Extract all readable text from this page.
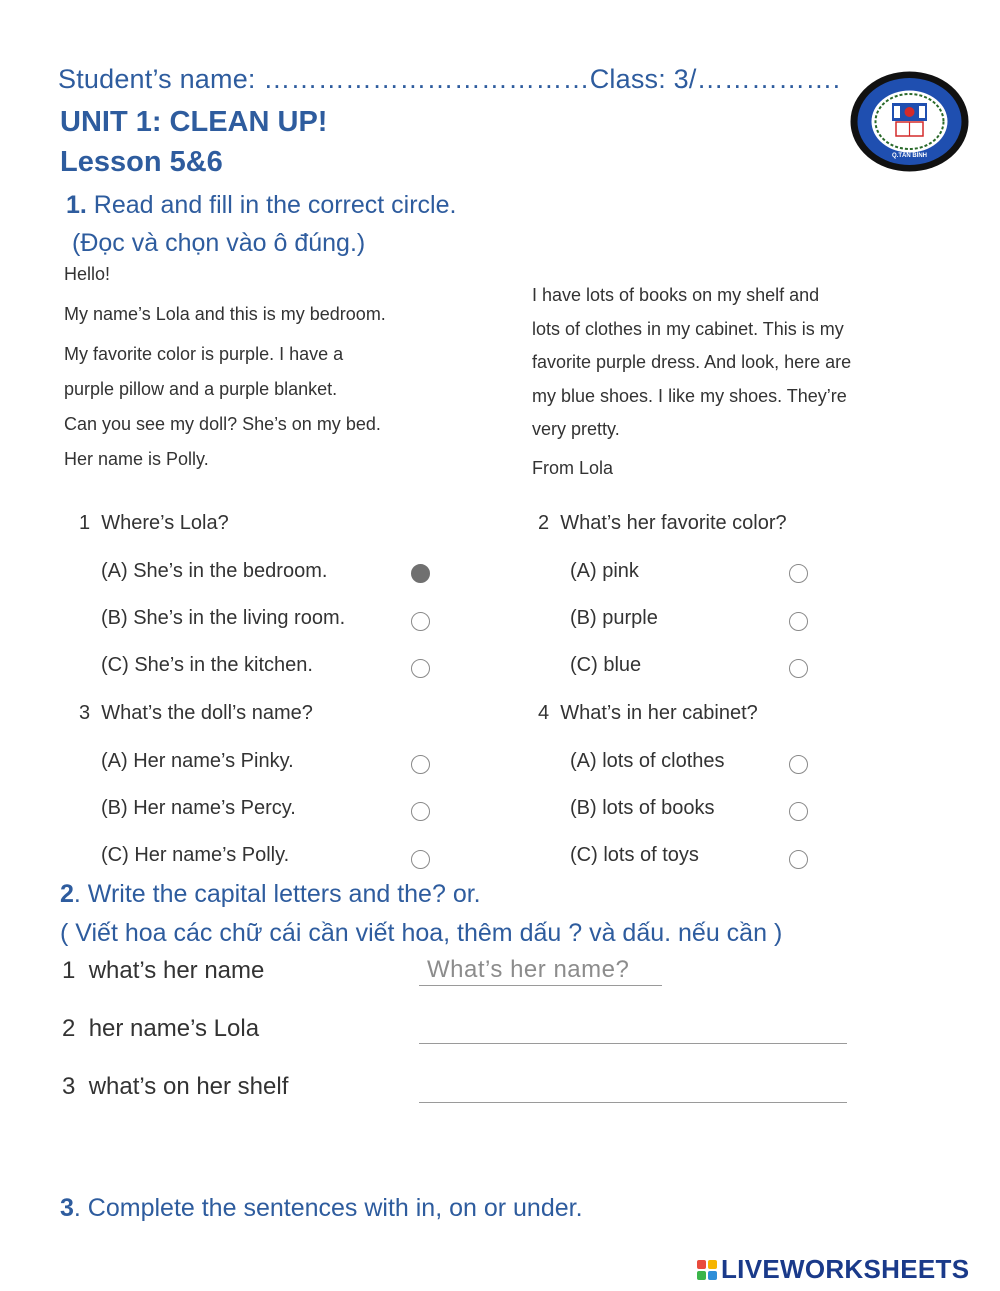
Student’s name: ………………………………Class: 3/…………….
UNIT 1: CLEAN UP!
Lesson 5&6	Q.TÂN BÌNH
1. Read and fill in the correct circle.
(Đọc và chọn vào ô đúng.)
Hello!
My name’s Lola and this is my bedroom.
My favorite color is purple. I have a
purple pillow and a purple blanket.
Can you see my doll? She’s on my bed.
Her name is Polly.
I have lots of books on my shelf and
lots of clothes in my cabinet. This is my
favorite purple dress. And look, here are
my blue shoes. I like my shoes. They’re
very pretty.
From Lola
1 Where’s Lola?
(A) She’s in the bedroom.
(B) She’s in the living room.
(C) She’s in the kitchen.
2 What’s her favorite color?
(A) pink
(B) purple
(C) blue
3 What’s the doll’s name?
(A) Her name’s Pinky.
(B) Her name’s Percy.
(C) Her name’s Polly.
4 What’s in her cabinet?
(A) lots of clothes
(B) lots of books
(C) lots of toys
2. Write the capital letters and the? or.
( Viết hoa các chữ cái cần viết hoa, thêm dấu ? và dấu. nếu cần )
1 what’s her name	What’s her name?
2 her name’s Lola
3 what’s on her shelf
3. Complete the sentences with in, on or under.
LIVEWORKSHEETS
